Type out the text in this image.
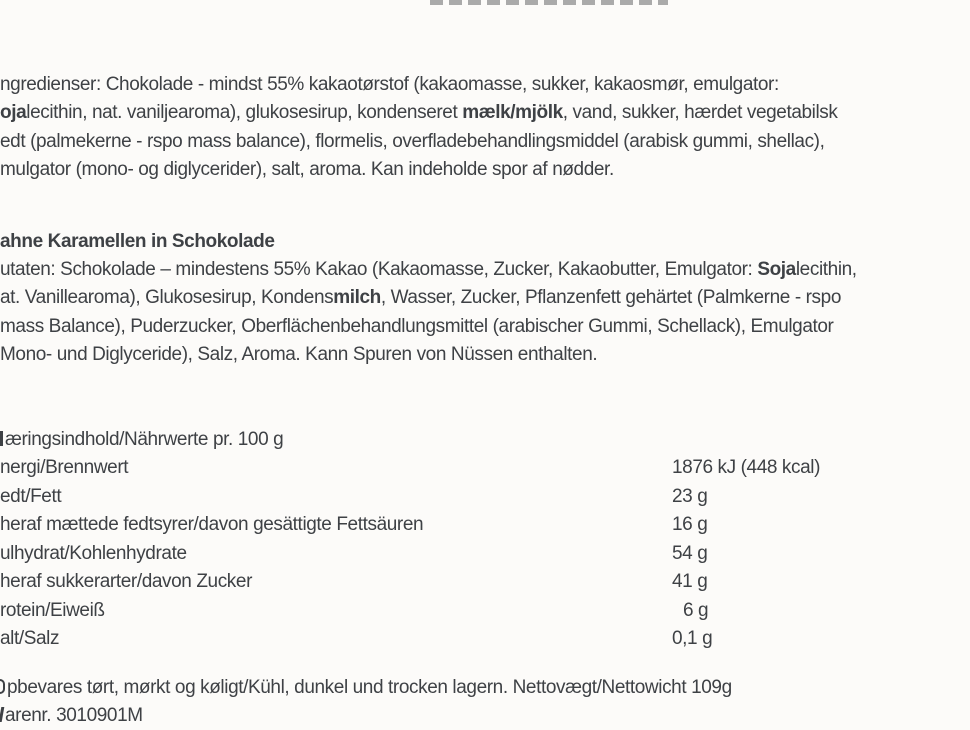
ngredienser: Chokolade - mindst 55% kakaotørstof (kakaomasse, sukker, kakaosmør, emulgator:
ojalecithin, nat. vaniljearoma), glukosesirup, kondenseret mælk/mjölk, vand, sukker, hærdet vegetabilsk
edt (palmekerne - rspo mass balance), flormelis, overfladebehandlingsmiddel (arabisk gummi, shellac),
mulgator (mono- og diglycerider), salt, aroma. Kan indeholde spor af nødder.
ahne Karamellen in Schokolade
utaten: Schokolade – mindestens 55% Kakao (Kakaomasse, Zucker, Kakaobutter, Emulgator: Sojalecithin,
at. Vanillearoma), Glukosesirup, Kondensmilch, Wasser, Zucker, Pflanzenfett gehärtet (Palmkerne - rspo
mass Balance), Puderzucker, Oberflächenbehandlungsmittel (arabischer Gummi, Schellack), Emulgator
Mono- und Diglyceride), Salz, Aroma. Kann Spuren von Nüssen enthalten.
æringsindhold/Nährwerte pr. 100 g
nergi/Brennwert	1876 kJ (448 kcal)
edt/Fett	23 g
heraf mættede fedtsyrer/davon gesättigte Fettsäuren	16 g
ulhydrat/Kohlenhydrate	54 g
heraf sukkerarter/davon Zucker	41 g
rotein/Eiweiß	6 g
alt/Salz	0,1 g
pbevares tørt, mørkt og køligt/Kühl, dunkel und trocken lagern. Nettovægt/Nettowicht 109g
arenr. 3010901M
